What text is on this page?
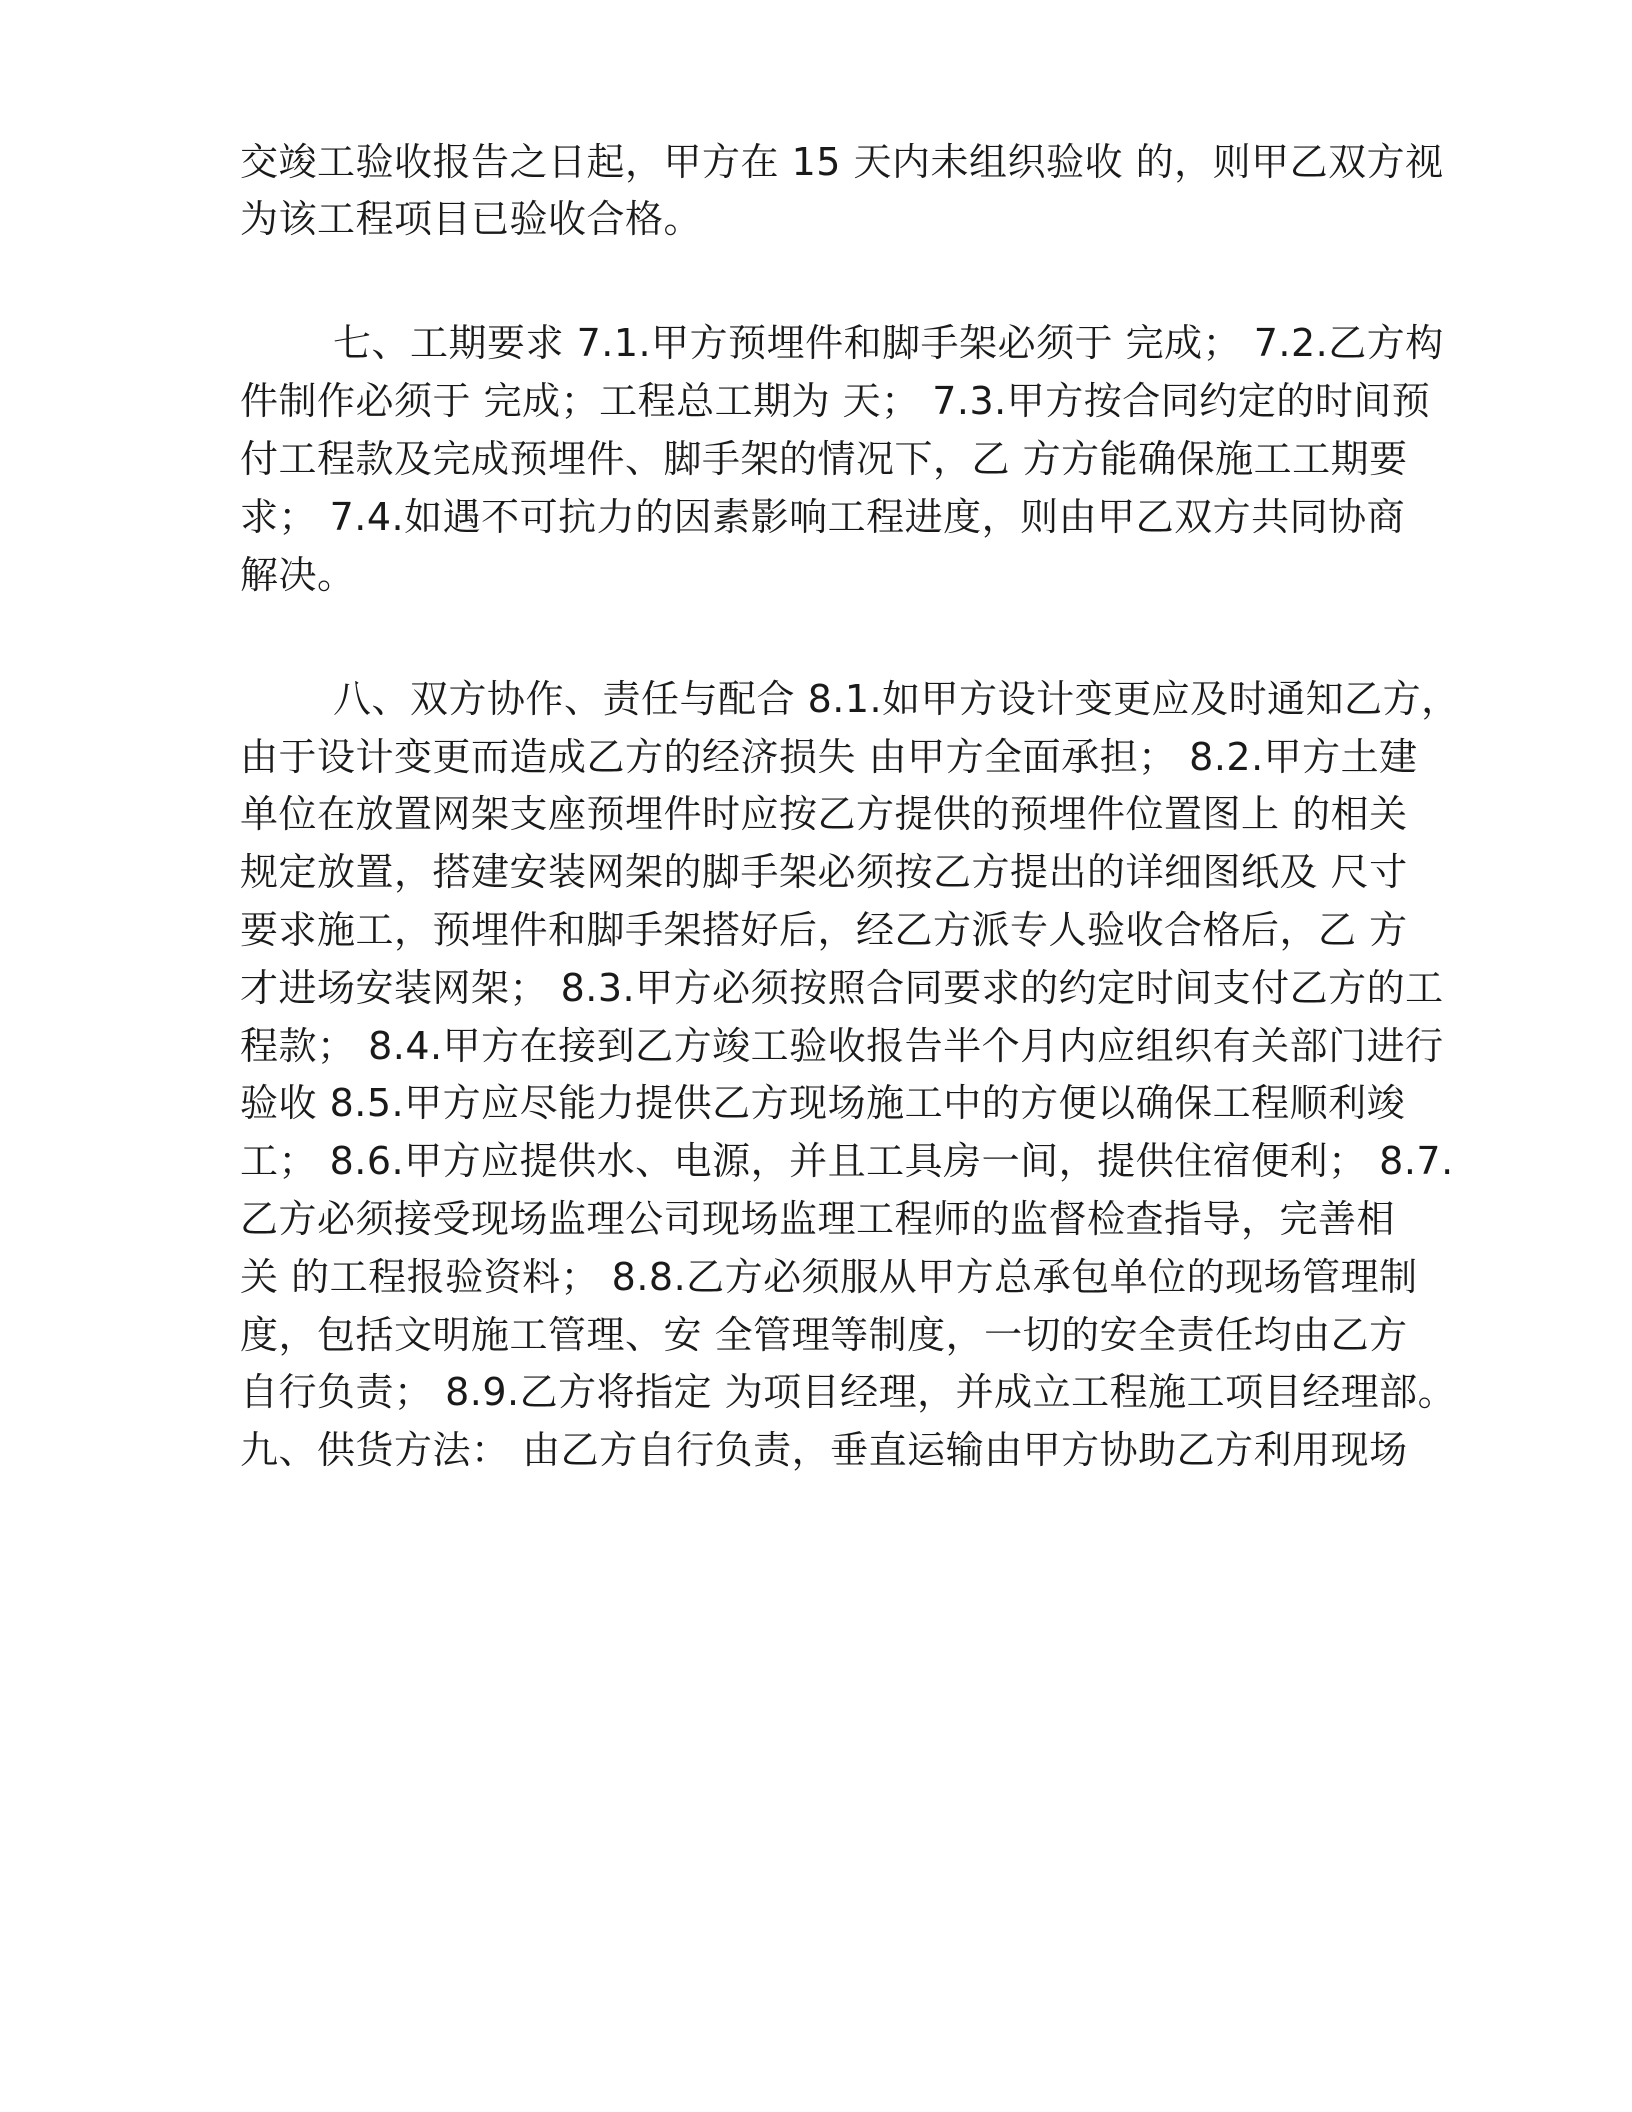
交竣工验收报告之日起，甲方在 15 天内未组织验收 的，则甲乙双方视
为该工程项目已验收合格。
七、工期要求 7.1.甲方预埋件和脚手架必须于 完成； 7.2.乙方构
件制作必须于 完成；工程总工期为 天； 7.3.甲方按合同约定的时间预
付工程款及完成预埋件、脚手架的情况下，乙 方方能确保施工工期要
求； 7.4.如遇不可抗力的因素影响工程进度，则由甲乙双方共同协商
解决。
八、双方协作、责任与配合 8.1.如甲方设计变更应及时通知乙方，
由于设计变更而造成乙方的经济损失 由甲方全面承担； 8.2.甲方土建
单位在放置网架支座预埋件时应按乙方提供的预埋件位置图上 的相关
规定放置，搭建安装网架的脚手架必须按乙方提出的详细图纸及 尺寸
要求施工，预埋件和脚手架搭好后，经乙方派专人验收合格后，乙 方
才进场安装网架； 8.3.甲方必须按照合同要求的约定时间支付乙方的工
程款； 8.4.甲方在接到乙方竣工验收报告半个月内应组织有关部门进行
验收 8.5.甲方应尽能力提供乙方现场施工中的方便以确保工程顺利竣
工； 8.6.甲方应提供水、电源，并且工具房一间，提供住宿便利； 8.7.
乙方必须接受现场监理公司现场监理工程师的监督检查指导，完善相
关 的工程报验资料； 8.8.乙方必须服从甲方总承包单位的现场管理制
度，包括文明施工管理、安 全管理等制度，一切的安全责任均由乙方
自行负责； 8.9.乙方将指定 为项目经理，并成立工程施工项目经理部。
九、供货方法： 由乙方自行负责，垂直运输由甲方协助乙方利用现场
